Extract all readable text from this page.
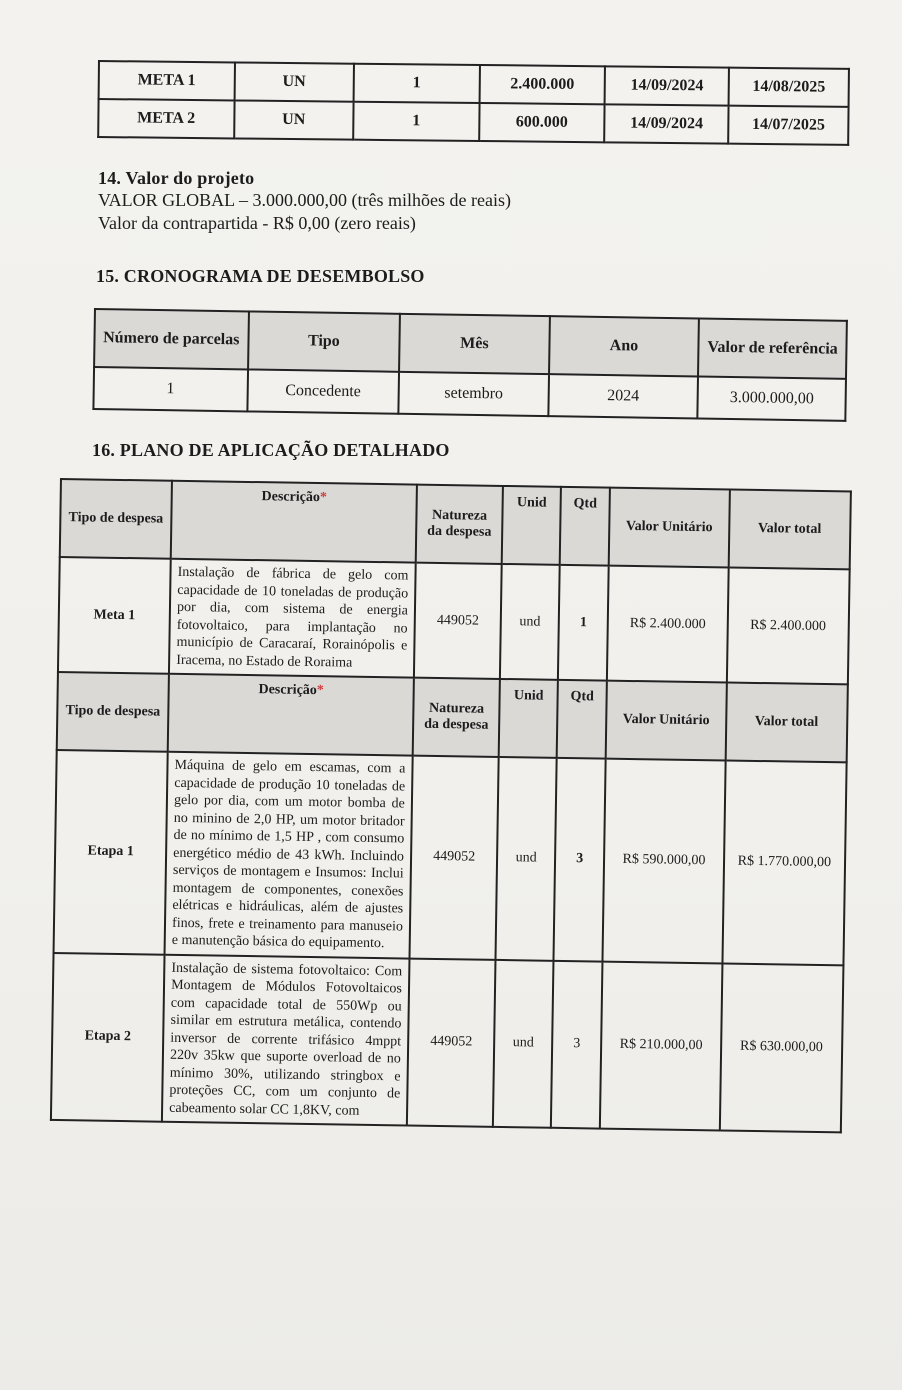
META 1	UN	1	2.400.000	14/09/2024	14/08/2025
META 2	UN	1	600.000	14/09/2024	14/07/2025
14. Valor do projeto
VALOR GLOBAL – 3.000.000,00 (três milhões de reais)
Valor da contrapartida - R$ 0,00 (zero reais)
15. CRONOGRAMA DE DESEMBOLSO
Número de parcelas	Tipo	Mês	Ano	Valor de referência
1	Concedente	setembro	2024	3.000.000,00
16. PLANO DE APLICAÇÃO DETALHADO
Tipo de despesa	Descrição*	Natureza da despesa	Unid	Qtd	Valor Unitário	Valor total
Meta 1	Instalação de fábrica de gelo com capacidade de 10 toneladas de produção por dia, com sistema de energia fotovoltaico, para implantação no município de Caracaraí, Rorainópolis e Iracema, no Estado de Roraima	449052	und	1	R$ 2.400.000	R$ 2.400.000
Tipo de despesa	Descrição*	Natureza da despesa	Unid	Qtd	Valor Unitário	Valor total
Etapa 1	Máquina de gelo em escamas, com a capacidade de produção 10 toneladas de gelo por dia, com um motor bomba de no minino de 2,0 HP, um motor britador de no mínimo de 1,5 HP , com consumo energético médio de 43 kWh. Incluindo serviços de montagem e Insumos: Inclui montagem de componentes, conexões elétricas e hidráulicas, além de ajustes finos, frete e treinamento para manuseio e manutenção básica do equipamento.	449052	und	3	R$ 590.000,00	R$ 1.770.000,00
Etapa 2	Instalação de sistema fotovoltaico: Com Montagem de Módulos Fotovoltaicos com capacidade total de 550Wp ou similar em estrutura metálica, contendo inversor de corrente trifásico 4mppt 220v 35kw que suporte overload de no mínimo 30%, utilizando stringbox e proteções CC, com um conjunto de cabeamento solar CC 1,8KV, com	449052	und	3	R$ 210.000,00	R$ 630.000,00
